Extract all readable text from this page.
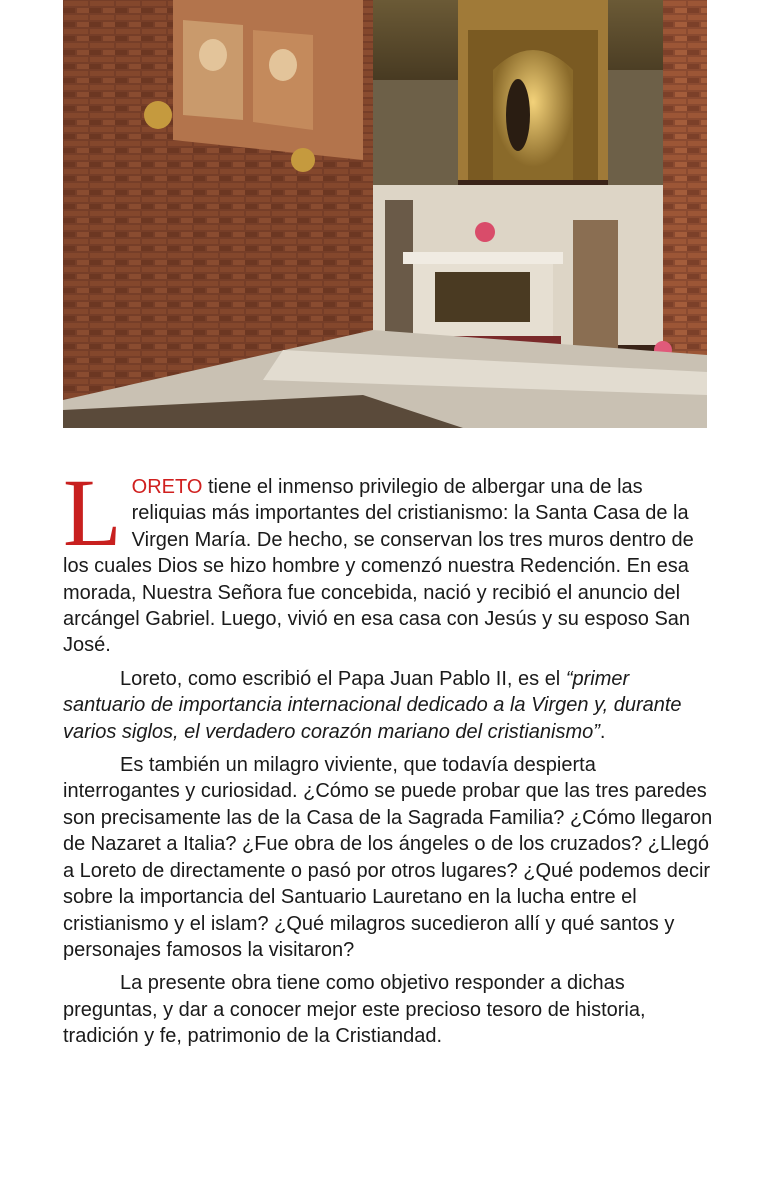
LORETO tiene el inmenso privilegio de albergar una de las reliquias más importantes del cristianismo: la Santa Casa de la Virgen María. De hecho, se conservan los tres muros dentro de los cuales Dios se hizo hombre y comenzó nuestra Redención. En esa morada, Nuestra Señora fue concebida, nació y recibió el anuncio del arcángel Gabriel. Luego, vivió en esa casa con Jesús y su esposo San José.

Loreto, como escribió el Papa Juan Pablo II, es el “primer santuario de importancia internacional dedicado a la Virgen y, durante varios siglos, el verdadero corazón mariano del cristianismo”.

Es también un milagro viviente, que todavía despierta interrogantes y curiosidad. ¿Cómo se puede probar que las tres paredes son precisamente las de la Casa de la Sagrada Familia? ¿Cómo llegaron de Nazaret a Italia? ¿Fue obra de los ángeles o de los cruzados? ¿Llegó a Loreto de directamente o pasó por otros lugares? ¿Qué podemos decir sobre la importancia del Santuario Lauretano en la lucha entre el cristianismo y el islam? ¿Qué milagros sucedieron allí y qué santos y personajes famosos la visitaron?

La presente obra tiene como objetivo responder a dichas preguntas, y dar a conocer mejor este precioso tesoro de historia, tradición y fe, patrimonio de la Cristiandad.
